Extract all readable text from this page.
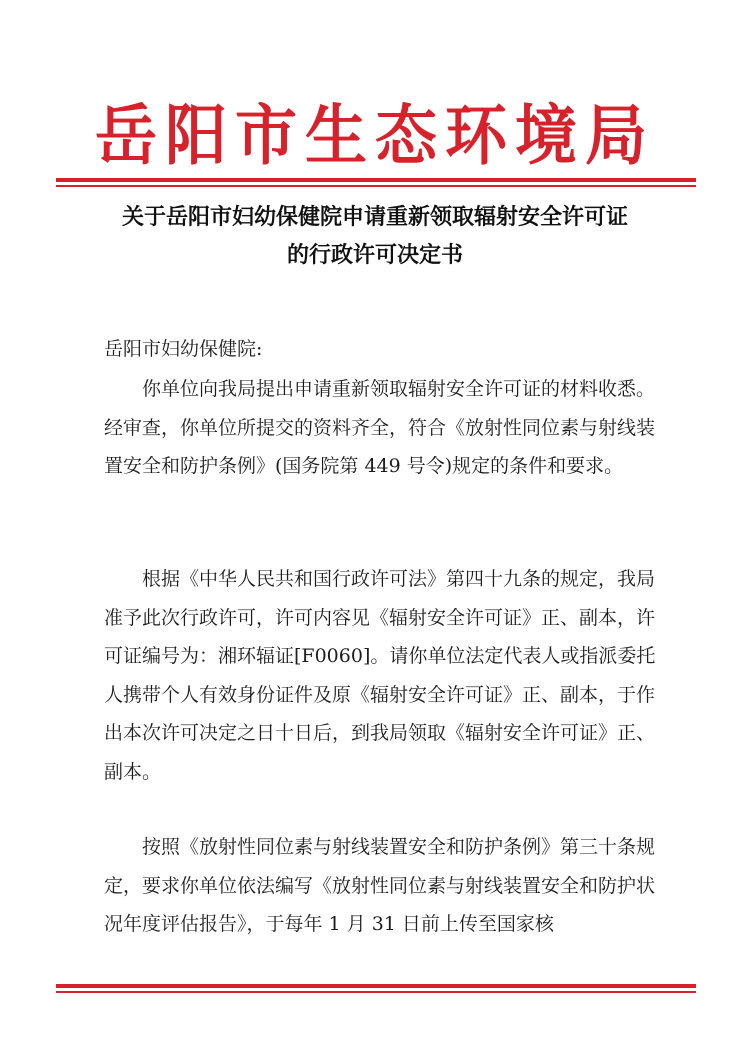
岳阳市生态环境局
关于岳阳市妇幼保健院申请重新领取辐射安全许可证
的行政许可决定书
岳阳市妇幼保健院:
你单位向我局提出申请重新领取辐射安全许可证的材料收悉。经审查，你单位所提交的资料齐全，符合《放射性同位素与射线装置安全和防护条例》(国务院第 449 号令)规定的条件和要求。
根据《中华人民共和国行政许可法》第四十九条的规定，我局准予此次行政许可，许可内容见《辐射安全许可证》正、副本，许可证编号为：湘环辐证[F0060]。请你单位法定代表人或指派委托人携带个人有效身份证件及原《辐射安全许可证》正、副本，于作出本次许可决定之日十日后，到我局领取《辐射安全许可证》正、副本。
按照《放射性同位素与射线装置安全和防护条例》第三十条规定，要求你单位依法编写《放射性同位素与射线装置安全和防护状况年度评估报告》，于每年 1 月 31 日前上传至国家核
